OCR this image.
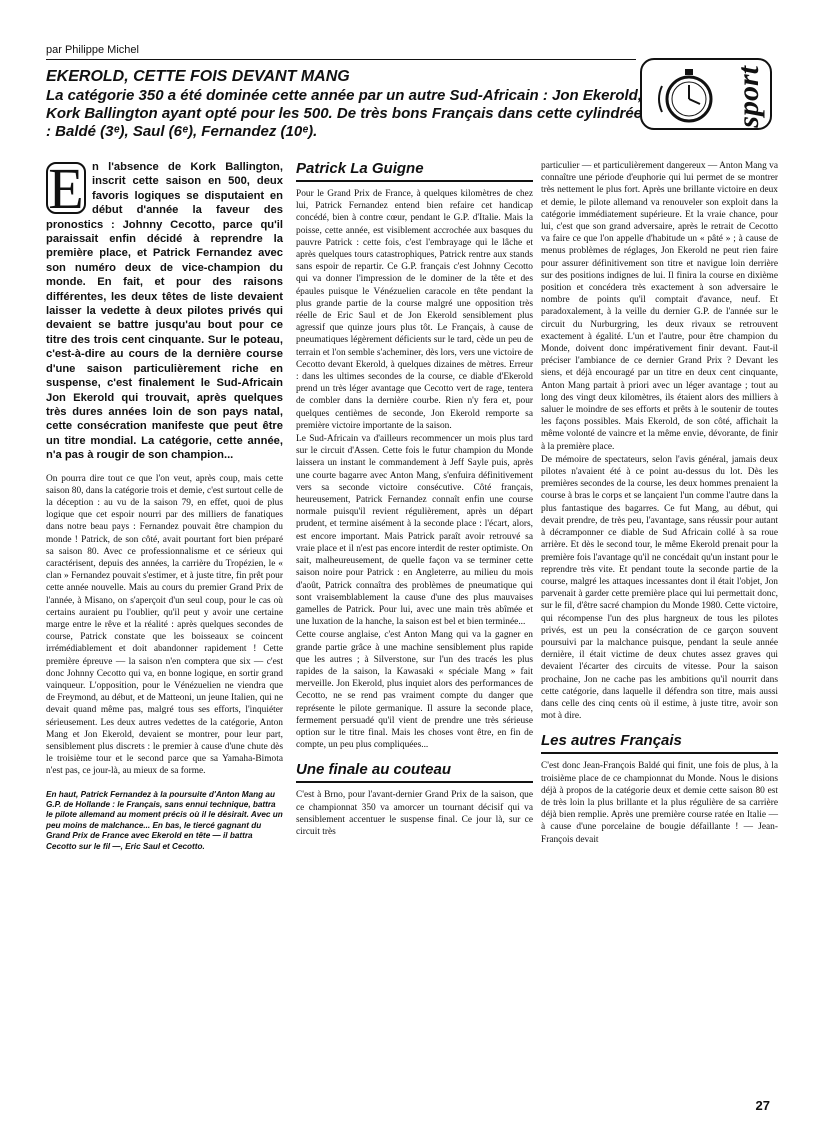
par Philippe Michel
sport
EKEROLD, CETTE FOIS DEVANT MANG

La catégorie 350 a été dominée cette année par un autre Sud-Africain : Jon Ekerold, Kork Ballington ayant opté pour les 500. De très bons Français dans cette cylindrée : Baldé (3ᵉ), Saul (6ᵉ), Fernandez (10ᵉ).

E n l'absence de Kork Ballington, inscrit cette saison en 500, deux favoris logiques se disputaient en début d'année la faveur des pronostics : Johnny Cecotto, parce qu'il paraissait enfin décidé à reprendre la première place, et Patrick Fernandez avec son numéro deux de vice-champion du monde. En fait, et pour des raisons différentes, les deux têtes de liste devaient laisser la vedette à deux pilotes privés qui devaient se battre jusqu'au bout pour ce titre des trois cent cinquante. Sur le poteau, c'est-à-dire au cours de la dernière course d'une saison particulièrement riche en suspense, c'est finalement le Sud-Africain Jon Ekerold qui trouvait, après quelques très dures années loin de son pays natal, cette consécration manifeste que peut être un titre mondial. La catégorie, cette année, n'a pas à rougir de son champion...

On pourra dire tout ce que l'on veut, après coup, mais cette saison 80, dans la catégorie trois et demie, c'est surtout celle de la déception : au vu de la saison 79, en effet, quoi de plus logique que cet espoir nourri par des milliers de fanatiques dans notre beau pays : Fernandez pouvait être champion du monde ! Patrick, de son côté, avait pourtant fort bien préparé sa saison 80. Avec ce professionnalisme et ce sérieux qui caractérisent, depuis des années, la carrière du Tropézien, le « clan » Fernandez pouvait s'estimer, et à juste titre, fin prêt pour cette année nouvelle. Mais au cours du premier Grand Prix de l'année, à Misano, on s'aperçoit d'un seul coup, pour le cas où certains auraient pu l'oublier, qu'il peut y avoir une certaine marge entre le rêve et la réalité : après quelques secondes de course, Patrick constate que les boisseaux se coincent irrémédiablement et doit abandonner rapidement ! Cette première épreuve — la saison n'en comptera que six — c'est donc Johnny Cecotto qui va, en bonne logique, en sortir grand vainqueur. L'opposition, pour le Vénézuelien ne viendra que de Freymond, au début, et de Matteoni, un jeune Italien, qui ne devait quand même pas, malgré tous ses efforts, l'inquiéter sérieusement. Les deux autres vedettes de la catégorie, Anton Mang et Jon Ekerold, devaient se montrer, pour leur part, sensiblement plus discrets : le premier à cause d'une chute dès le troisième tour et le second parce que sa Yamaha-Bimota n'est pas, ce jour-là, au mieux de sa forme.

En haut, Patrick Fernandez à la poursuite d'Anton Mang au G.P. de Hollande : le Français, sans ennui technique, battra le pilote allemand au moment précis où il le désirait. Avec un peu moins de malchance... En bas, le tiercé gagnant du Grand Prix de France avec Ekerold en tête — il battra Cecotto sur le fil —, Eric Saul et Cecotto.

Patrick La Guigne

Pour le Grand Prix de France, à quelques kilomètres de chez lui, Patrick Fernandez entend bien refaire cet handicap concédé, bien à contre cœur, pendant le G.P. d'Italie. Mais la poisse, cette année, est visiblement accrochée aux basques du pauvre Patrick : cette fois, c'est l'embrayage qui le lâche et après quelques tours catastrophiques, Patrick rentre aux stands sans espoir de repartir. Ce G.P. français c'est Johnny Cecotto qui va donner l'impression de le dominer de la tête et des épaules puisque le Vénézuelien caracole en tête pendant la plus grande partie de la course malgré une opposition très réelle de Eric Saul et de Jon Ekerold sensiblement plus agressif que quinze jours plus tôt. Le Français, à cause de pneumatiques légèrement déficients sur le tard, cède un peu de terrain et l'on semble s'acheminer, dès lors, vers une victoire de Cecotto devant Ekerold, à quelques dizaines de mètres. Erreur : dans les ultimes secondes de la course, ce diable d'Ekerold prend un très léger avantage que Cecotto vert de rage, tentera de combler dans la dernière courbe. Rien n'y fera et, pour quelques centièmes de seconde, Jon Ekerold remporte sa première victoire importante de la saison.

Le Sud-Africain va d'ailleurs recommencer un mois plus tard sur le circuit d'Assen. Cette fois le futur champion du Monde laissera un instant le commandement à Jeff Sayle puis, après une courte bagarre avec Anton Mang, s'enfuira définitivement vers sa seconde victoire consécutive. Côté français, heureusement, Patrick Fernandez connaît enfin une course normale puisqu'il revient régulièrement, après un départ prudent, et termine aisément à la seconde place : l'écart, alors, est encore important. Mais Patrick paraît avoir retrouvé sa vraie place et il n'est pas encore interdit de rester optimiste. On sait, malheureusement, de quelle façon va se terminer cette saison noire pour Patrick : en Angleterre, au milieu du mois d'août, Patrick connaîtra des problèmes de pneumatique qui sont vraisemblablement la cause d'une des plus mauvaises gamelles de Patrick. Pour lui, avec une main très abîmée et une luxation de la hanche, la saison est bel et bien terminée...

Cette course anglaise, c'est Anton Mang qui va la gagner en grande partie grâce à une machine sensiblement plus rapide que les autres ; à Silverstone, sur l'un des tracés les plus rapides de la saison, la Kawasaki « spéciale Mang » fait merveille. Jon Ekerold, plus inquiet alors des performances de Cecotto, ne se rend pas vraiment compte du danger que représente le pilote germanique. Il assure la seconde place, fermement persuadé qu'il vient de prendre une très sérieuse option sur le titre final. Mais les choses vont être, en fin de compte, un peu plus compliquées...

Une finale au couteau

C'est à Brno, pour l'avant-dernier Grand Prix de la saison, que ce championnat 350 va amorcer un tournant décisif qui va sensiblement accentuer le suspense final. Ce jour là, sur ce circuit très

particulier — et particulièrement dangereux — Anton Mang va connaître une période d'euphorie qui lui permet de se montrer très nettement le plus fort. Après une brillante victoire en deux et demie, le pilote allemand va renouveler son exploit dans la catégorie immédiatement supérieure. Et la vraie chance, pour lui, c'est que son grand adversaire, après le retrait de Cecotto va faire ce que l'on appelle d'habitude un « pâté » ; à cause de menus problèmes de réglages, Jon Ekerold ne peut rien faire pour assurer définitivement son titre et navigue loin derrière sur des positions indignes de lui. Il finira la course en dixième position et concédera très exactement à son adversaire le nombre de points qu'il comptait d'avance, neuf. Et paradoxalement, à la veille du dernier G.P. de l'année sur le circuit du Nurburgring, les deux rivaux se retrouvent exactement à égalité. L'un et l'autre, pour être champion du Monde, doivent donc impérativement finir devant. Faut-il préciser l'ambiance de ce dernier Grand Prix ? Devant les siens, et déjà encouragé par un titre en deux cent cinquante, Anton Mang partait à priori avec un léger avantage ; tout au long des vingt deux kilomètres, ils étaient alors des milliers à saluer le moindre de ses efforts et prêts à le soutenir de toutes les façons possibles. Mais Ekerold, de son côté, affichait la même volonté de vaincre et la même envie, dévorante, de finir à la première place.

De mémoire de spectateurs, selon l'avis général, jamais deux pilotes n'avaient été à ce point au-dessus du lot. Dès les premières secondes de la course, les deux hommes prenaient la course à bras le corps et se lançaient l'un comme l'autre dans la plus fantastique des bagarres. Ce fut Mang, au début, qui devait prendre, de très peu, l'avantage, sans réussir pour autant à décramponner ce diable de Sud Africain collé à sa roue arrière. Et dès le second tour, le même Ekerold prenait pour la première fois l'avantage qu'il ne concédait qu'un instant pour le reprendre très vite. Et pendant toute la seconde partie de la course, malgré les attaques incessantes dont il était l'objet, Jon parvenait à garder cette première place qui lui permettait donc, sur le fil, d'être sacré champion du Monde 1980. Cette victoire, qui récompense l'un des plus hargneux de tous les pilotes privés, est un peu la consécration de ce garçon souvent poursuivi par la malchance puisque, pendant la seule année dernière, il était victime de deux chutes assez graves qui devaient l'écarter des circuits de vitesse. Pour la saison prochaine, Jon ne cache pas les ambitions qu'il nourrit dans cette catégorie, dans laquelle il défendra son titre, mais aussi dans celle des cinq cents où il estime, à juste titre, avoir son mot à dire.

Les autres Français

C'est donc Jean-François Baldé qui finit, une fois de plus, à la troisième place de ce championnat du Monde. Nous le disions déjà à propos de la catégorie deux et demie cette saison 80 est de très loin la plus brillante et la plus régulière de sa carrière déjà bien remplie. Après une première course ratée en Italie — à cause d'une porcelaine de bougie défaillante ! — Jean-François devait

27
